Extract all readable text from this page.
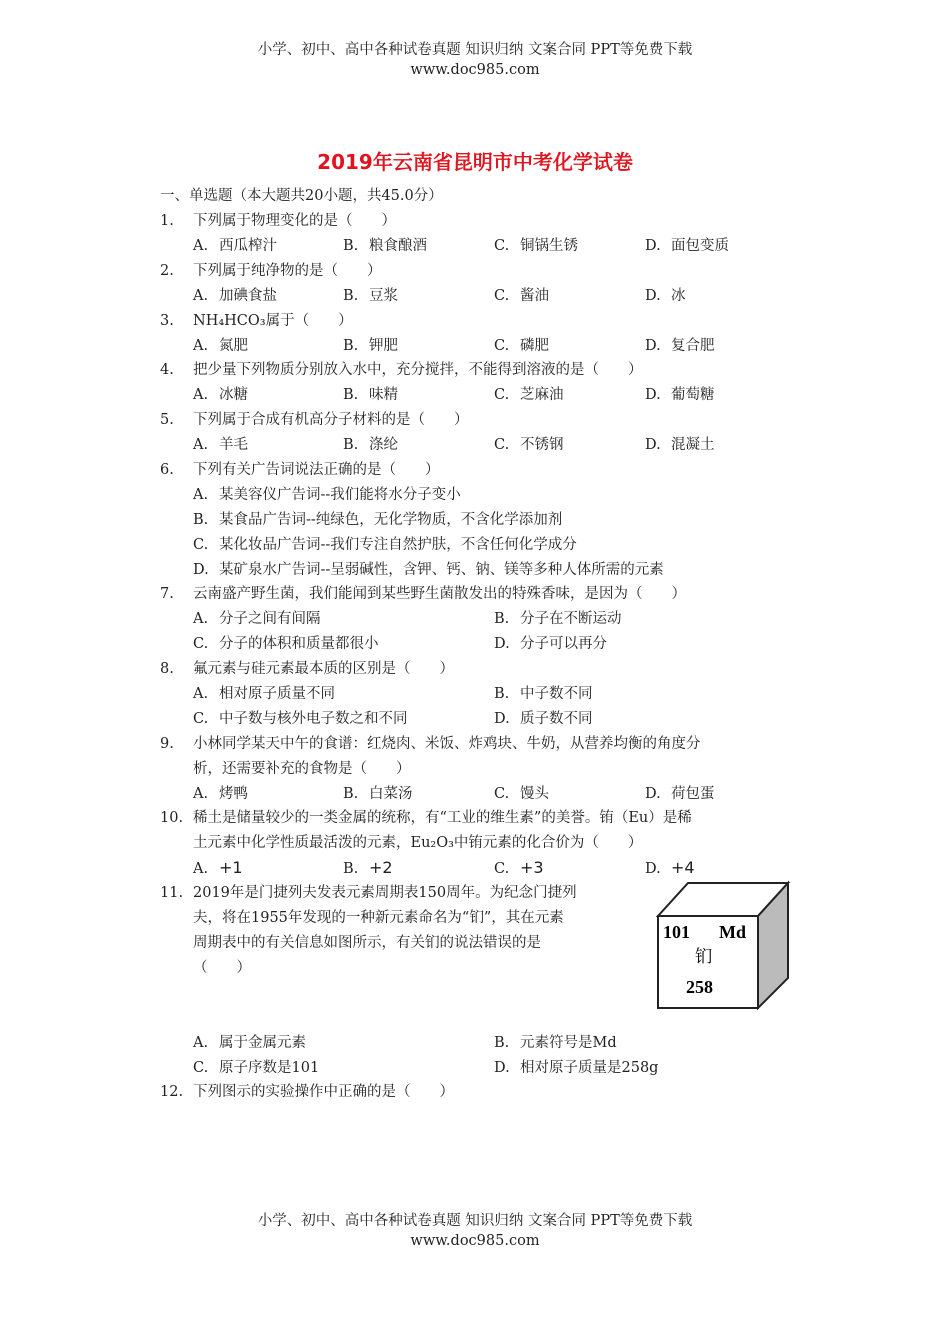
小学、初中、高中各种试卷真题 知识归纳 文案合同 PPT等免费下载
www.doc985.com
2019年云南省昆明市中考化学试卷
一、单选题（本大题共20小题，共45.0分）
1. 下列属于物理变化的是（　　）
A. 西瓜榨汁	B. 粮食酿酒	C. 铜锅生锈	D. 面包变质
2. 下列属于纯净物的是（　　）
A. 加碘食盐	B. 豆浆	C. 酱油	D. 冰
3. NH₄HCO₃属于（　　）
A. 氮肥	B. 钾肥	C. 磷肥	D. 复合肥
4. 把少量下列物质分别放入水中，充分搅拌，不能得到溶液的是（　　）
A. 冰糖	B. 味精	C. 芝麻油	D. 葡萄糖
5. 下列属于合成有机高分子材料的是（　　）
A. 羊毛	B. 涤纶	C. 不锈钢	D. 混凝土
6. 下列有关广告词说法正确的是（　　）
A. 某美容仪广告词--我们能将水分子变小
B. 某食品广告词--纯绿色，无化学物质，不含化学添加剂
C. 某化妆品广告词--我们专注自然护肤，不含任何化学成分
D. 某矿泉水广告词--呈弱碱性，含钾、钙、钠、镁等多种人体所需的元素
7. 云南盛产野生菌，我们能闻到某些野生菌散发出的特殊香味，是因为（　　）
A. 分子之间有间隔	B. 分子在不断运动
C. 分子的体积和质量都很小	D. 分子可以再分
8. 氟元素与硅元素最本质的区别是（　　）
A. 相对原子质量不同	B. 中子数不同
C. 中子数与核外电子数之和不同	D. 质子数不同
9. 小林同学某天中午的食谱：红烧肉、米饭、炸鸡块、牛奶，从营养均衡的角度分
析，还需要补充的食物是（　　）
A. 烤鸭	B. 白菜汤	C. 馒头	D. 荷包蛋
10. 稀土是储量较少的一类金属的统称，有“工业的维生素”的美誉。铕（Eu）是稀
土元素中化学性质最活泼的元素，Eu₂O₃中铕元素的化合价为（　　）
A. +1	B. +2	C. +3	D. +4
11. 2019年是门捷列夫发表元素周期表150周年。为纪念门捷列
夫，将在1955年发现的一种新元素命名为“钔”，其在元素
周期表中的有关信息如图所示，有关钔的说法错误的是
（　　）
A. 属于金属元素	B. 元素符号是Md
C. 原子序数是101	D. 相对原子质量是258g
12. 下列图示的实验操作中正确的是（　　）
101 Md
钔
258
小学、初中、高中各种试卷真题 知识归纳 文案合同 PPT等免费下载
www.doc985.com
